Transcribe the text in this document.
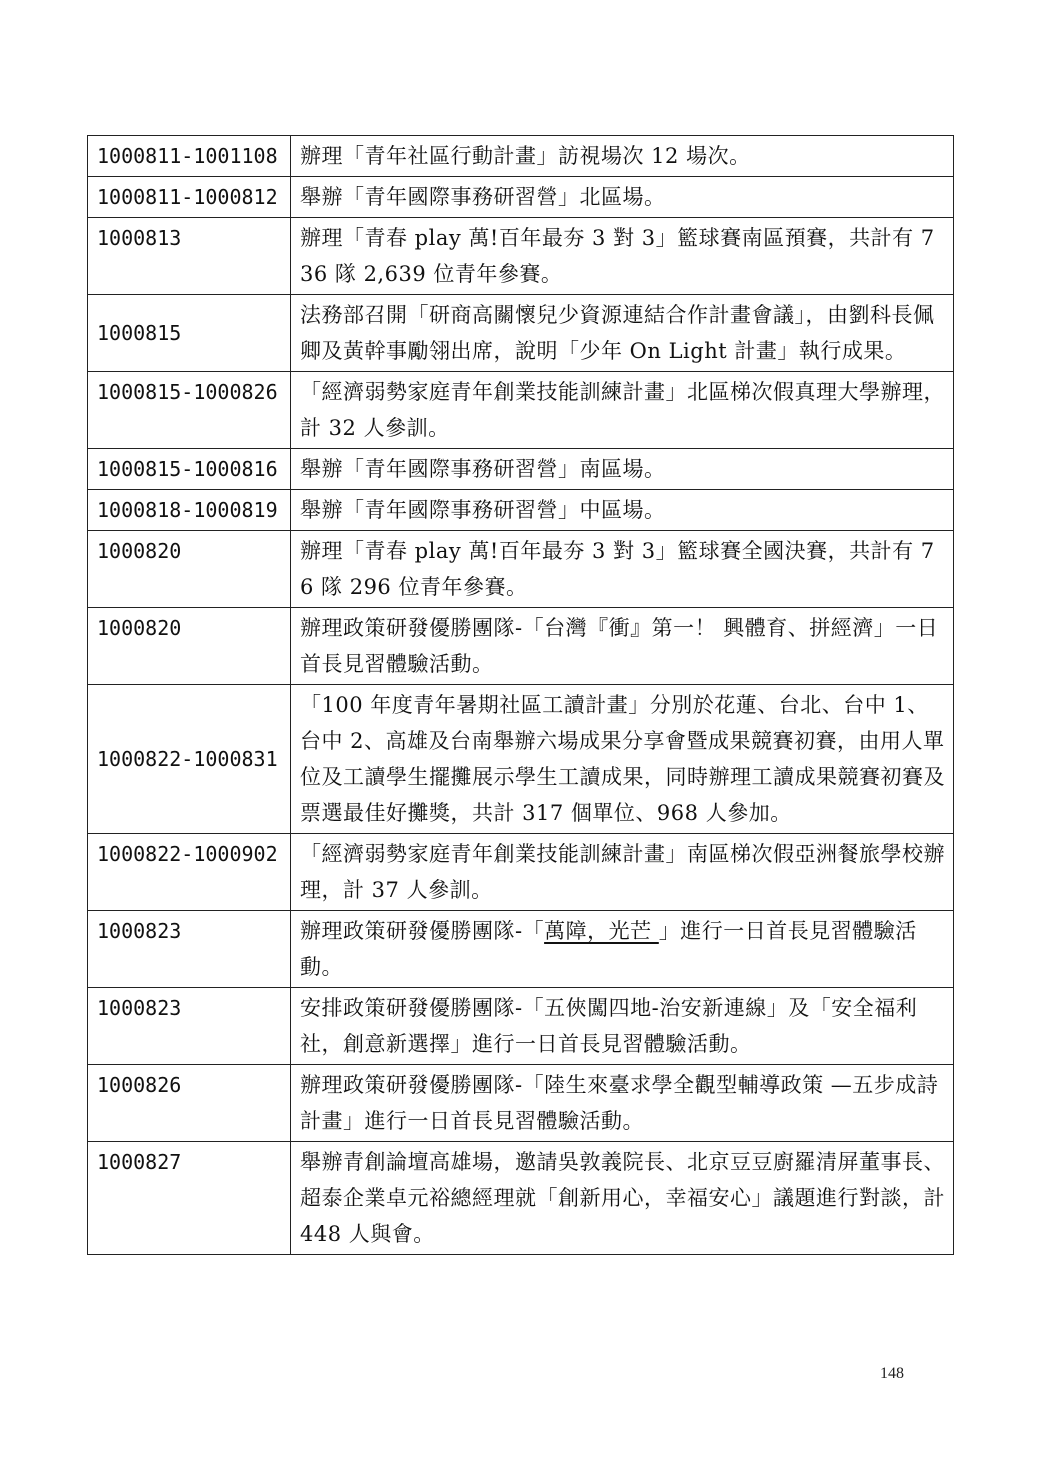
1000811-1001108	辦理「青年社區行動計畫」訪視場次 12 場次。
1000811-1000812	舉辦「青年國際事務研習營」北區場。
1000813	辦理「青春 play 萬!百年最夯 3 對 3」籃球賽南區預賽，共計有 736 隊 2,639 位青年參賽。
1000815	法務部召開「研商高關懷兒少資源連結合作計畫會議」，由劉科長佩卿及黃幹事勵翎出席，說明「少年 On Light 計畫」執行成果。
1000815-1000826	「經濟弱勢家庭青年創業技能訓練計畫」北區梯次假真理大學辦理，計 32 人參訓。
1000815-1000816	舉辦「青年國際事務研習營」南區場。
1000818-1000819	舉辦「青年國際事務研習營」中區場。
1000820	辦理「青春 play 萬!百年最夯 3 對 3」籃球賽全國決賽，共計有 76 隊 296 位青年參賽。
1000820	辦理政策研發優勝團隊-「台灣『衝』第一！ 興體育、拼經濟」一日首長見習體驗活動。
1000822-1000831	「100 年度青年暑期社區工讀計畫」分別於花蓮、台北、台中 1、台中 2、高雄及台南舉辦六場成果分享會暨成果競賽初賽，由用人單位及工讀學生擺攤展示學生工讀成果，同時辦理工讀成果競賽初賽及票選最佳好攤獎，共計 317 個單位、968 人參加。
1000822-1000902	「經濟弱勢家庭青年創業技能訓練計畫」南區梯次假亞洲餐旅學校辦理，計 37 人參訓。
1000823	辦理政策研發優勝團隊-「萬障，光芒 」進行一日首長見習體驗活動。
1000823	安排政策研發優勝團隊-「五俠闖四地-治安新連線」及「安全福利社，創意新選擇」進行一日首長見習體驗活動。
1000826	辦理政策研發優勝團隊-「陸生來臺求學全觀型輔導政策 —五步成詩計畫」進行一日首長見習體驗活動。
1000827	舉辦青創論壇高雄場，邀請吳敦義院長、北京豆豆廚羅清屏董事長、超泰企業卓元裕總經理就「創新用心，幸福安心」議題進行對談，計 448 人與會。
148
